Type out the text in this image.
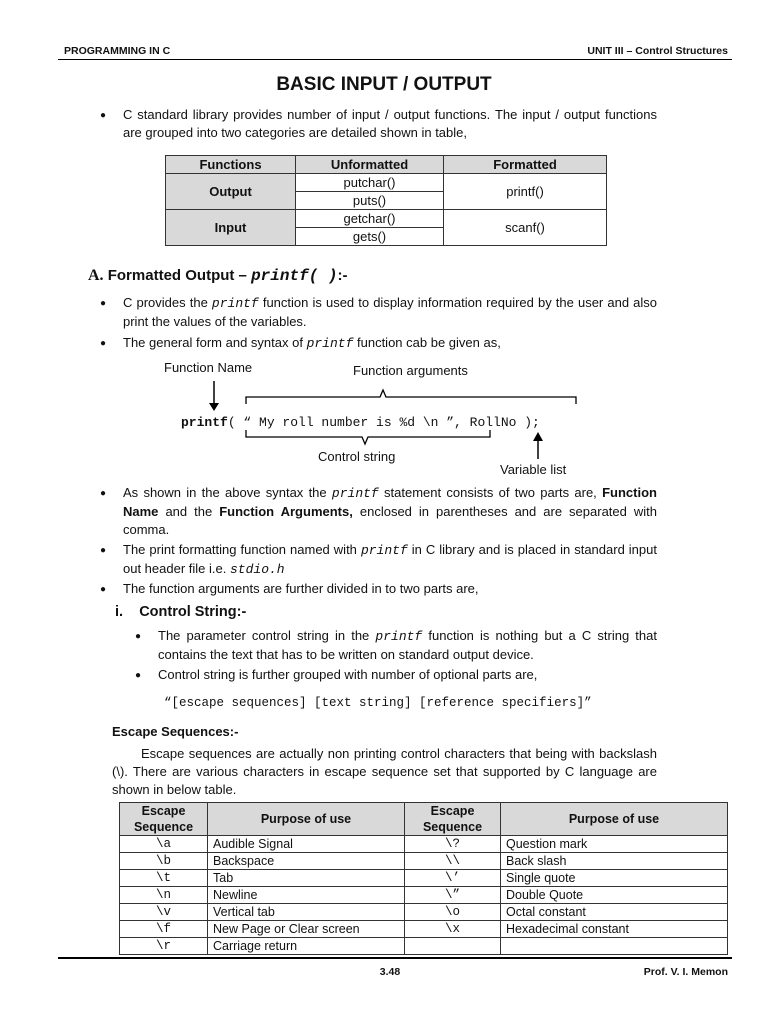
PROGRAMMING IN C	UNIT III – Control Structures
BASIC INPUT / OUTPUT
● C standard library provides number of input / output functions. The input / output functions are grouped into two categories are detailed shown in table,
Functions	Unformatted	Formatted
Output	putchar()	printf()
	puts()	
Input	getchar()	scanf()
	gets()	
A. Formatted Output – printf( ):-
● C provides the printf function is used to display information required by the user and also print the values of the variables.
● The general form and syntax of printf function cab be given as,
Function Name	Function arguments
printf( “ My roll number is %d \n ”, RollNo );
Control string
Variable list
● As shown in the above syntax the printf statement consists of two parts are, Function Name and the Function Arguments, enclosed in parentheses and are separated with comma.
● The print formatting function named with printf in C library and is placed in standard input out header file i.e. stdio.h
● The function arguments are further divided in to two parts are,
i. Control String:-
● The parameter control string in the printf function is nothing but a C string that contains the text that has to be written on standard output device.
● Control string is further grouped with number of optional parts are,
“[escape sequences] [text string] [reference specifiers]”
Escape Sequences:-
Escape sequences are actually non printing control characters that being with backslash (\). There are various characters in escape sequence set that supported by C language are shown in below table.
Escape Sequence	Purpose of use	Escape Sequence	Purpose of use
\a	Audible Signal	\?	Question mark
\b	Backspace	\\	Back slash
\t	Tab	\’	Single quote
\n	Newline	\”	Double Quote
\v	Vertical tab	\o	Octal constant
\f	New Page or Clear screen	\x	Hexadecimal constant
\r	Carriage return		
3.48	Prof. V. I. Memon
